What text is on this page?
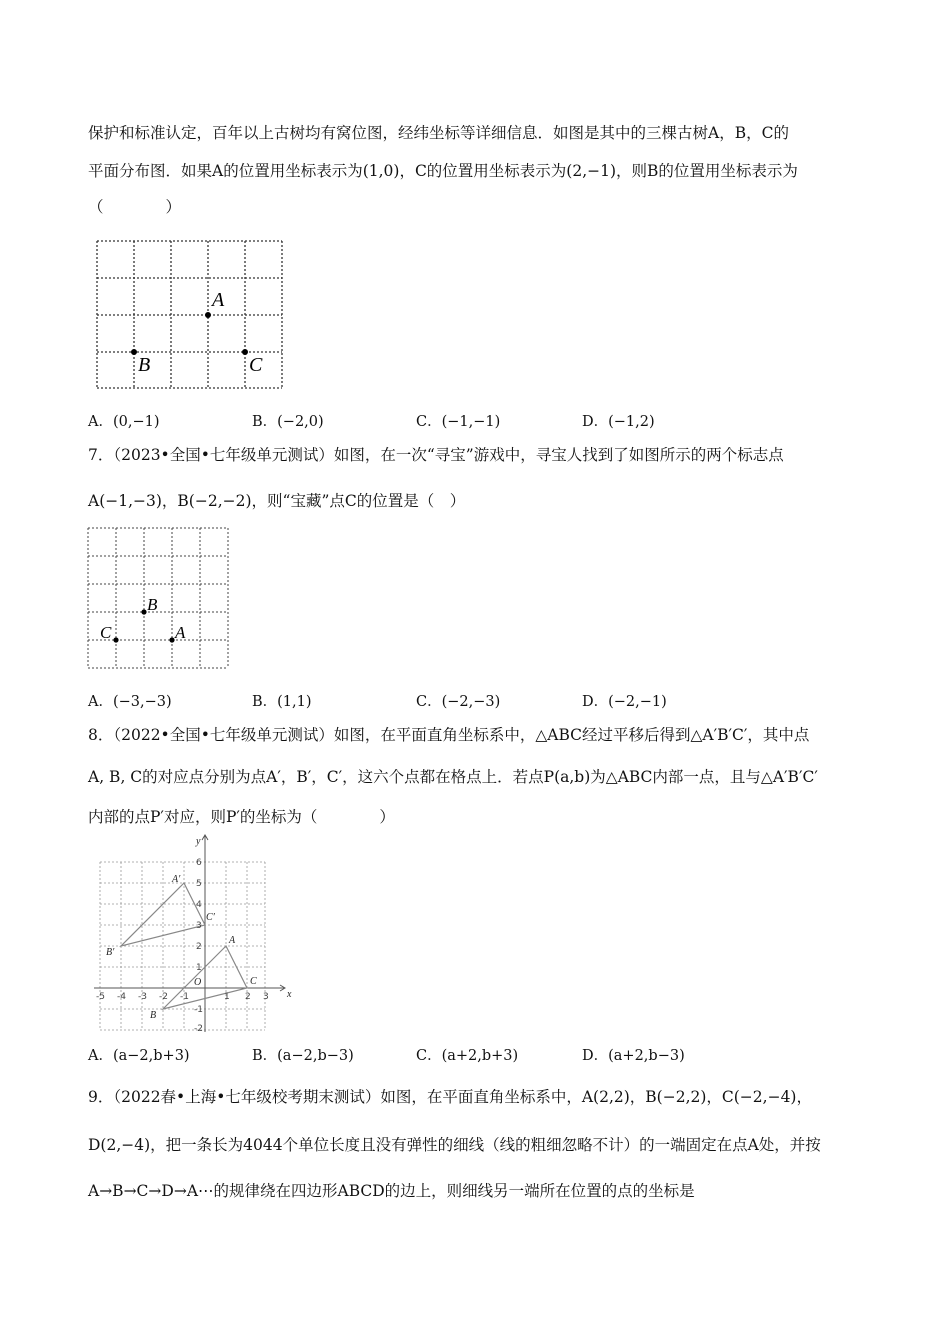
保护和标准认定，百年以上古树均有窝位图，经纬坐标等详细信息．如图是其中的三棵古树A，B，C的
平面分布图．如果A的位置用坐标表示为(1,0)，C的位置用坐标表示为(2,−1)，则B的位置用坐标表示为
（　　　　）
A
B	C
A．(0,−1)	B．(−2,0)	C．(−1,−1)	D．(−1,2)
7．（2023•全国•七年级单元测试）如图，在一次“寻宝”游戏中，寻宝人找到了如图所示的两个标志点
A(−1,−3)，B(−2,−2)，则“宝藏”点C的位置是（　）
B
A
C
A．(−3,−3)	B．(1,1)	C．(−2,−3)	D．(−2,−1)
8．（2022•全国•七年级单元测试）如图，在平面直角坐标系中，△ABC经过平移后得到△A′B′C′，其中点
A, B, C的对应点分别为点A′，B′，C′，这六个点都在格点上．若点P(a,b)为△ABC内部一点，且与△A′B′C′
内部的点P′对应，则P′的坐标为（　　　　）
-5 -4 -3 -2 -1	1 2 3
6
5
4
3
2
1
-1
-2
y
x
O
A
B
C
A′
B′
C′
A．(a−2,b+3)	B．(a−2,b−3)	C．(a+2,b+3)	D．(a+2,b−3)
9．（2022春•上海•七年级校考期末测试）如图，在平面直角坐标系中，A(2,2)，B(−2,2)，C(−2,−4)，
D(2,−4)，把一条长为4044个单位长度且没有弹性的细线（线的粗细忽略不计）的一端固定在点A处，并按
A→B→C→D→A⋯的规律绕在四边形ABCD的边上，则细线另一端所在位置的点的坐标是
